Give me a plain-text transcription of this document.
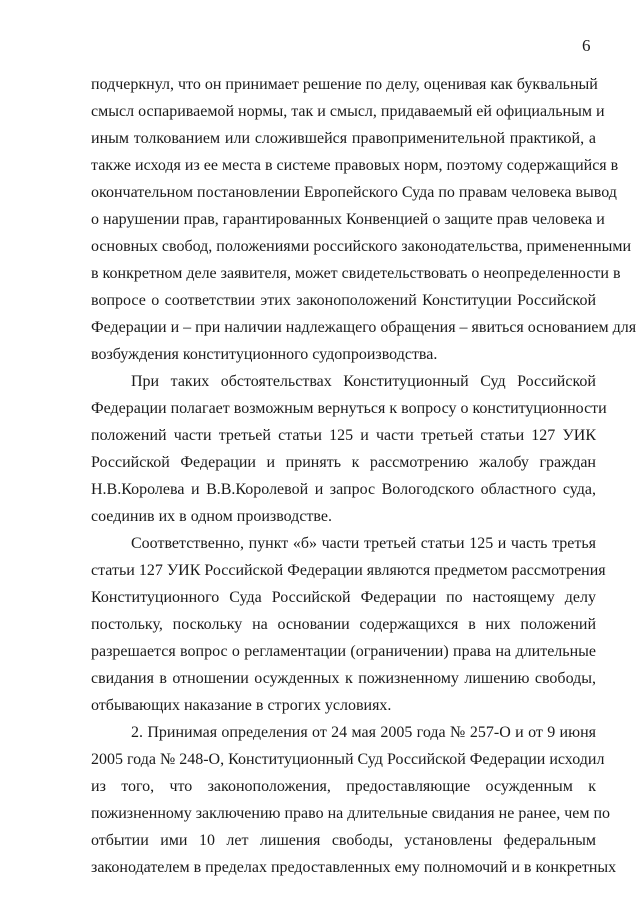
6
подчеркнул, что он принимает решение по делу, оценивая как буквальный
смысл оспариваемой нормы, так и смысл, придаваемый ей официальным и
иным толкованием или сложившейся правоприменительной практикой, а
также исходя из ее места в системе правовых норм, поэтому содержащийся в
окончательном постановлении Европейского Суда по правам человека вывод
о нарушении прав, гарантированных Конвенцией о защите прав человека и
основных свобод, положениями российского законодательства, примененными
в конкретном деле заявителя, может свидетельствовать о неопределенности в
вопросе о соответствии этих законоположений Конституции Российской
Федерации и – при наличии надлежащего обращения – явиться основанием для
возбуждения конституционного судопроизводства.
При таких обстоятельствах Конституционный Суд Российской
Федерации полагает возможным вернуться к вопросу о конституционности
положений части третьей статьи 125 и части третьей статьи 127 УИК
Российской Федерации и принять к рассмотрению жалобу граждан
Н.В.Королева и В.В.Королевой и запрос Вологодского областного суда,
соединив их в одном производстве.
Соответственно, пункт «б» части третьей статьи 125 и часть третья
статьи 127 УИК Российской Федерации являются предметом рассмотрения
Конституционного Суда Российской Федерации по настоящему делу
постольку, поскольку на основании содержащихся в них положений
разрешается вопрос о регламентации (ограничении) права на длительные
свидания в отношении осужденных к пожизненному лишению свободы,
отбывающих наказание в строгих условиях.
2. Принимая определения от 24 мая 2005 года № 257-О и от 9 июня
2005 года № 248-О, Конституционный Суд Российской Федерации исходил
из того, что законоположения, предоставляющие осужденным к
пожизненному заключению право на длительные свидания не ранее, чем по
отбытии ими 10 лет лишения свободы, установлены федеральным
законодателем в пределах предоставленных ему полномочий и в конкретных
